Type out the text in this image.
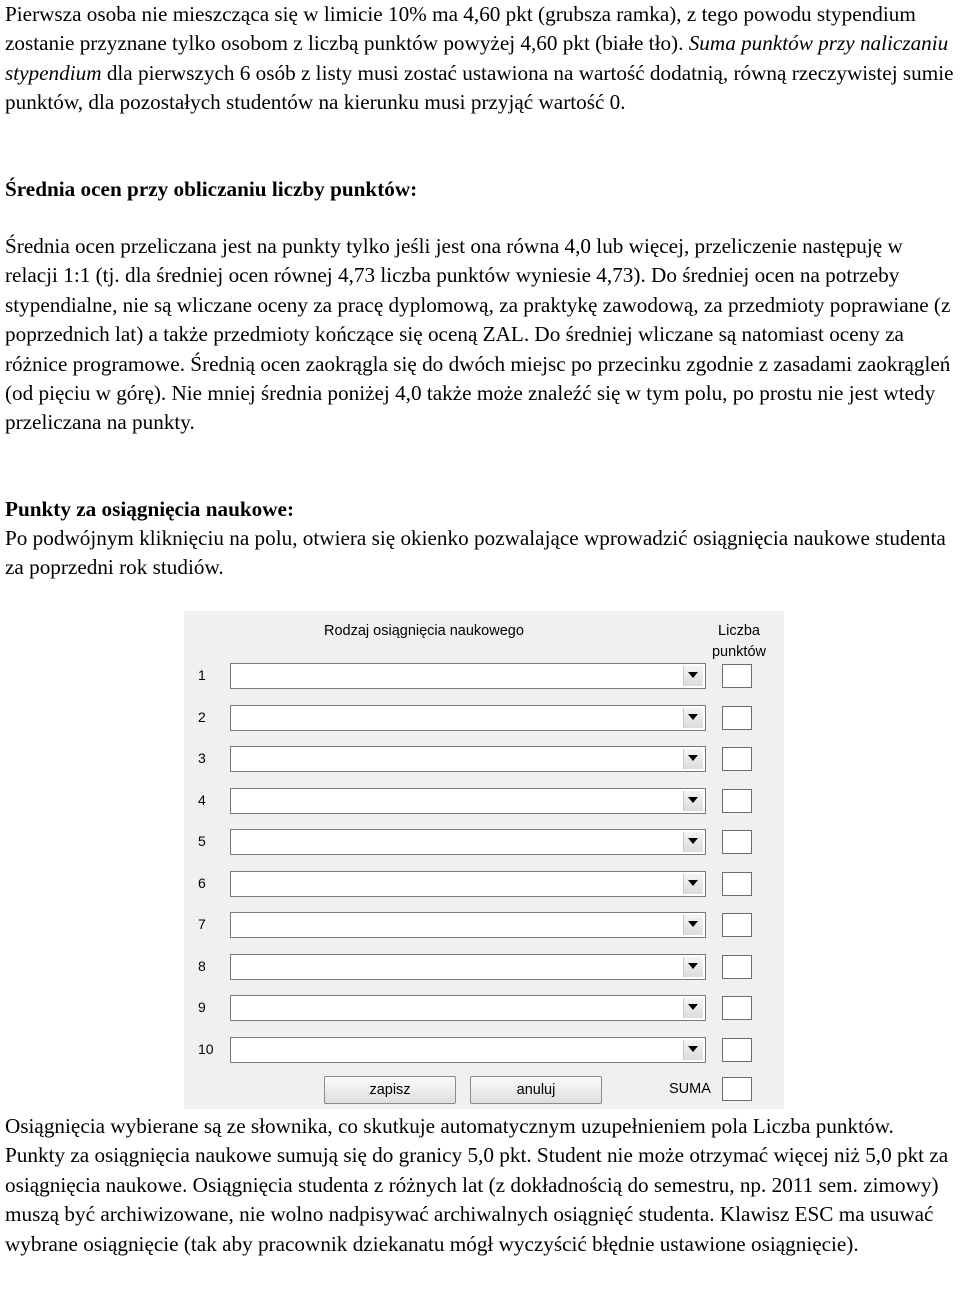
Pierwsza osoba nie mieszcząca się w limicie 10% ma 4,60 pkt (grubsza ramka), z tego powodu stypendium zostanie przyznane tylko osobom z liczbą punktów powyżej 4,60 pkt (białe tło). Suma punktów przy naliczaniu stypendium dla pierwszych 6 osób z listy musi zostać ustawiona na wartość dodatnią, równą rzeczywistej sumie punktów, dla pozostałych studentów na kierunku musi przyjąć wartość 0.

Średnia ocen przy obliczaniu liczby punktów:

Średnia ocen przeliczana jest na punkty tylko jeśli jest ona równa 4,0 lub więcej, przeliczenie następuję w relacji 1:1 (tj. dla średniej ocen równej 4,73 liczba punktów wyniesie 4,73). Do średniej ocen na potrzeby stypendialne, nie są wliczane oceny za pracę dyplomową, za praktykę zawodową, za przedmioty poprawiane (z poprzednich lat) a także przedmioty kończące się oceną ZAL. Do średniej wliczane są natomiast oceny za różnice programowe. Średnią ocen zaokrągla się do dwóch miejsc po przecinku zgodnie z zasadami zaokrągleń (od pięciu w górę). Nie mniej średnia poniżej 4,0 także może znaleźć się w tym polu, po prostu nie jest wtedy przeliczana na punkty.

Punkty za osiągnięcia naukowe:

Po podwójnym kliknięciu na polu, otwiera się okienko pozwalające wprowadzić osiągnięcia naukowe studenta za poprzedni rok studiów.

Rodzaj osiągnięcia naukowego	Liczba
punktów
1
2
3
4
5
6
7
8
9
10
zapisz	anuluj	SUMA

Osiągnięcia wybierane są ze słownika, co skutkuje automatycznym uzupełnieniem pola Liczba punktów. Punkty za osiągnięcia naukowe sumują się do granicy 5,0 pkt. Student nie może otrzymać więcej niż 5,0 pkt za osiągnięcia naukowe. Osiągnięcia studenta z różnych lat (z dokładnością do semestru, np. 2011 sem. zimowy) muszą być archiwizowane, nie wolno nadpisywać archiwalnych osiągnięć studenta. Klawisz ESC ma usuwać wybrane osiągnięcie (tak aby pracownik dziekanatu mógł wyczyścić błędnie ustawione osiągnięcie).
